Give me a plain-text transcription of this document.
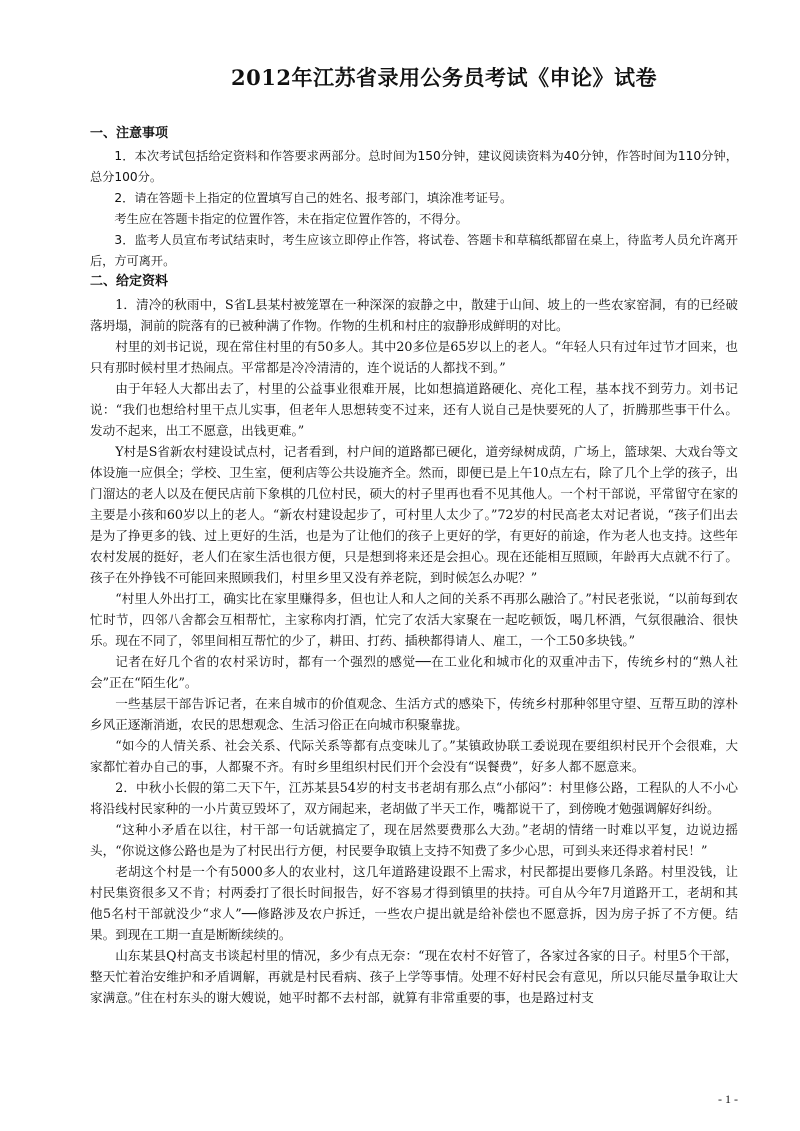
2012年江苏省录用公务员考试《申论》试卷
一、注意事项

1．本次考试包括给定资料和作答要求两部分。总时间为150分钟，建议阅读资料为40分钟，作答时间为110分钟，总分100分。

2．请在答题卡上指定的位置填写自己的姓名、报考部门，填涂准考证号。

考生应在答题卡指定的位置作答，未在指定位置作答的，不得分。

3．监考人员宣布考试结束时，考生应该立即停止作答，将试卷、答题卡和草稿纸都留在桌上，待监考人员允许离开后，方可离开。

二、给定资料

1．清冷的秋雨中，S省L县某村被笼罩在一种深深的寂静之中，散建于山间、坡上的一些农家窑洞，有的已经破落坍塌，洞前的院落有的已被种满了作物。作物的生机和村庄的寂静形成鲜明的对比。

村里的刘书记说，现在常住村里的有50多人。其中20多位是65岁以上的老人。“年轻人只有过年过节才回来，也只有那时候村里才热闹点。平常都是冷冷清清的，连个说话的人都找不到。”

由于年轻人大都出去了，村里的公益事业很难开展，比如想搞道路硬化、亮化工程，基本找不到劳力。刘书记说：“我们也想给村里干点儿实事，但老年人思想转变不过来，还有人说自己是快要死的人了，折腾那些事干什么。发动不起来，出工不愿意，出钱更难。”

Y村是S省新农村建设试点村，记者看到，村户间的道路都已硬化，道旁绿树成荫，广场上，篮球架、大戏台等文体设施一应俱全；学校、卫生室，便利店等公共设施齐全。然而，即便已是上午10点左右，除了几个上学的孩子，出门溜达的老人以及在便民店前下象棋的几位村民，硕大的村子里再也看不见其他人。一个村干部说，平常留守在家的主要是小孩和60岁以上的老人。“新农村建设起步了，可村里人太少了。”72岁的村民高老太对记者说，“孩子们出去是为了挣更多的钱、过上更好的生活，也是为了让他们的孩子上更好的学，有更好的前途，作为老人也支持。这些年农村发展的挺好，老人们在家生活也很方便，只是想到将来还是会担心。现在还能相互照顾，年龄再大点就不行了。孩子在外挣钱不可能回来照顾我们，村里乡里又没有养老院，到时候怎么办呢？”

“村里人外出打工，确实比在家里赚得多，但也让人和人之间的关系不再那么融洽了。”村民老张说，“以前每到农忙时节，四邻八舍都会互相帮忙，主家称肉打酒，忙完了农活大家聚在一起吃顿饭，喝几杯酒，气氛很融洽、很快乐。现在不同了，邻里间相互帮忙的少了，耕田、打药、插秧都得请人、雇工，一个工50多块钱。”

记者在好几个省的农村采访时，都有一个强烈的感觉──在工业化和城市化的双重冲击下，传统乡村的“熟人社会”正在“陌生化”。

一些基层干部告诉记者，在来自城市的价值观念、生活方式的感染下，传统乡村那种邻里守望、互帮互助的淳朴乡风正逐渐消逝，农民的思想观念、生活习俗正在向城市积聚靠拢。

“如今的人情关系、社会关系、代际关系等都有点变味儿了。”某镇政协联工委说现在要组织村民开个会很难，大家都忙着办自己的事，人都聚不齐。有时乡里组织村民们开个会没有“误餐费”，好多人都不愿意来。

2．中秋小长假的第二天下午，江苏某县54岁的村支书老胡有那么点“小郁闷”：村里修公路，工程队的人不小心将沿线村民家种的一小片黄豆毁坏了，双方闹起来，老胡做了半天工作，嘴都说干了，到傍晚才勉强调解好纠纷。

“这种小矛盾在以往，村干部一句话就搞定了，现在居然要费那么大劲。”老胡的情绪一时难以平复，边说边摇头，“你说这修公路也是为了村民出行方便，村民要争取镇上支持不知费了多少心思，可到头来还得求着村民！”

老胡这个村是一个有5000多人的农业村，这几年道路建设跟不上需求，村民都提出要修几条路。村里没钱，让村民集资很多又不肯；村两委打了很长时间报告，好不容易才得到镇里的扶持。可自从今年7月道路开工，老胡和其他5名村干部就没少“求人”──修路涉及农户拆迁，一些农户提出就是给补偿也不愿意拆，因为房子拆了不方便。结果。到现在工期一直是断断续续的。

山东某县Q村高支书谈起村里的情况，多少有点无奈：“现在农村不好管了，各家过各家的日子。村里5个干部，整天忙着治安维护和矛盾调解，再就是村民看病、孩子上学等事情。处理不好村民会有意见，所以只能尽量争取让大家满意。”住在村东头的谢大嫂说，她平时都不去村部，就算有非常重要的事，也是路过村支

- 1 -
